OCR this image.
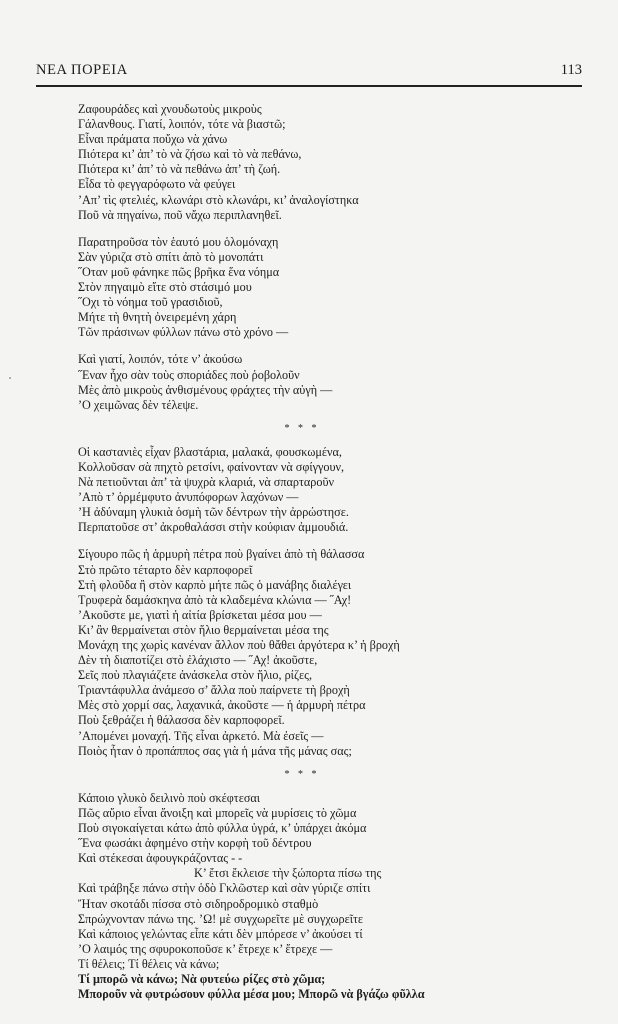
ΝΕΑ ΠΟΡΕΙΑ	113
Ζαφουράδες καὶ χνουδωτοὺς μικροὺς
Γάλανθους. Γιατί, λοιπόν, τότε νὰ βιαστῶ;
Εἶναι πράματα ποὔχω νὰ χάνω
Πιότερα κι’ ἀπ’ τὸ νὰ ζήσω καὶ τὸ νὰ πεθάνω,
Πιότερα κι’ ἀπ’ τὸ νὰ πεθάνω ἀπ’ τὴ ζωή.
Εἶδα τὸ φεγγαρόφωτο νὰ φεύγει
’Απ’ τὶς φτελιές, κλωνάρι στὸ κλωνάρι, κι’ ἀναλογίστηκα
Ποῦ νὰ πηγαίνω, ποῦ νἄχω περιπλανηθεῖ.
Παρατηροῦσα τὸν ἑαυτό μου ὁλομόναχη
Σὰν γύριζα στὸ σπίτι ἀπὸ τὸ μονοπάτι
˝Οταν μοῦ φάνηκε πῶς βρῆκα ἕνα νόημα
Στὸν πηγαιμὸ εἴτε στὸ στάσιμό μου
˝Οχι τὸ νόημα τοῦ γρασιδιοῦ,
Μήτε τὴ θνητὴ ὀνειρεμένη χάρη
Τῶν πράσινων φύλλων πάνω στὸ χρόνο —
Καὶ γιατί, λοιπόν, τότε ν’ ἀκούσω
˝Εναν ἦχο σὰν τοὺς σποριάδες ποὺ ῥοβολοῦν
Μὲς ἀπὸ μικροὺς ἀνθισμένους φράχτες τὴν αὐγὴ —
’Ο χειμῶνας δὲν τέλεψε.
* * *
Οἱ καστανιὲς εἶχαν βλαστάρια, μαλακά, φουσκωμένα,
Κολλοῦσαν σὰ πηχτὸ ρετσίνι, φαίνονταν νὰ σφίγγουν,
Νὰ πετιοῦνται ἀπ’ τὰ ψυχρὰ κλαριά, νὰ σπαρταροῦν
’Απὸ τ’ ὁρμέμφυτο ἀνυπόφορων λαχόνων —
’Η ἀδύναμη γλυκιὰ ὁσμὴ τῶν δέντρων τὴν ἀρρώστησε.
Περπατοῦσε στ’ ἀκροθαλάσσι στὴν κούφιαν ἀμμουδιά.
Σίγουρο πῶς ἡ ἁρμυρὴ πέτρα ποὺ βγαίνει ἀπὸ τὴ θάλασσα
Στὸ πρῶτο τέταρτο δὲν καρποφορεῖ
Στὴ φλοῦδα ἢ στὸν καρπὸ μήτε πῶς ὁ μανάβης διαλέγει
Τρυφερὰ δαμάσκηνα ἀπὸ τὰ κλαδεμένα κλώνια — ˝Αχ!
’Ακοῦστε με, γιατὶ ἡ αἰτία βρίσκεται μέσα μου —
Κι’ ἂν θερμαίνεται στὸν ἥλιο θερμαίνεται μέσα της
Μονάχη της χωρὶς κανέναν ἄλλον ποὺ θἄθει ἀργότερα κ’ ἡ βροχὴ
Δὲν τὴ διαποτίζει στὸ ἐλάχιστο — ˝Αχ! ἀκοῦστε,
Σεῖς ποὺ πλαγιάζετε ἀνάσκελα στὸν ἥλιο, ρίζες,
Τριαντάφυλλα ἀνάμεσο σ’ ἄλλα ποὺ παίρνετε τὴ βροχὴ
Μὲς στὸ χορμί σας, λαχανικά, ἀκοῦστε — ἡ ἁρμυρὴ πέτρα
Ποὺ ξεθράζει ἡ θάλασσα δὲν καρποφορεῖ.
’Απομένει μοναχή. Τῆς εἶναι ἀρκετό. Μὰ ἐσεῖς —
Ποιὸς ἦταν ὁ προπάππος σας γιὰ ἡ μάνα τῆς μάνας σας;
* * *
Κάποιο γλυκὸ δειλινὸ ποὺ σκέφτεσαι
Πῶς αὔριο εἶναι ἄνοιξη καὶ μπορεῖς νὰ μυρίσεις τὸ χῶμα
Ποὺ σιγοκαίγεται κάτω ἀπὸ φύλλα ὑγρά, κ’ ὑπάρχει ἀκόμα
˝Ενα φωσάκι ἀφημένο στὴν κορφὴ τοῦ δέντρου
Καὶ στέκεσαι ἀφουγκράζοντας - -
Κ’ ἔτσι ἔκλεισε τὴν ξώπορτα πίσω της
Καὶ τράβηξε πάνω στὴν ὁδὸ Γκλῶστερ καὶ σὰν γύριζε σπίτι
Ἤταν σκοτάδι πίσσα στὸ σιδηροδρομικὸ σταθμὸ
Σπρώχνονταν πάνω της. ’Ω! μὲ συγχωρεῖτε μὲ συγχωρεῖτε
Καὶ κάποιος γελώντας εἶπε κάτι δὲν μπόρεσε ν’ ἀκούσει τί
’Ο λαιμός της σφυροκοποῦσε κ’ ἔτρεχε κ’ ἔτρεχε —
Τί θέλεις; Τί θέλεις νὰ κάνω;
Τί μπορῶ νὰ κάνω; Νὰ φυτεύω ρίζες στὸ χῶμα;
Μποροῦν νὰ φυτρώσουν φύλλα μέσα μου; Μπορῶ νὰ βγάζω φῦλλα
